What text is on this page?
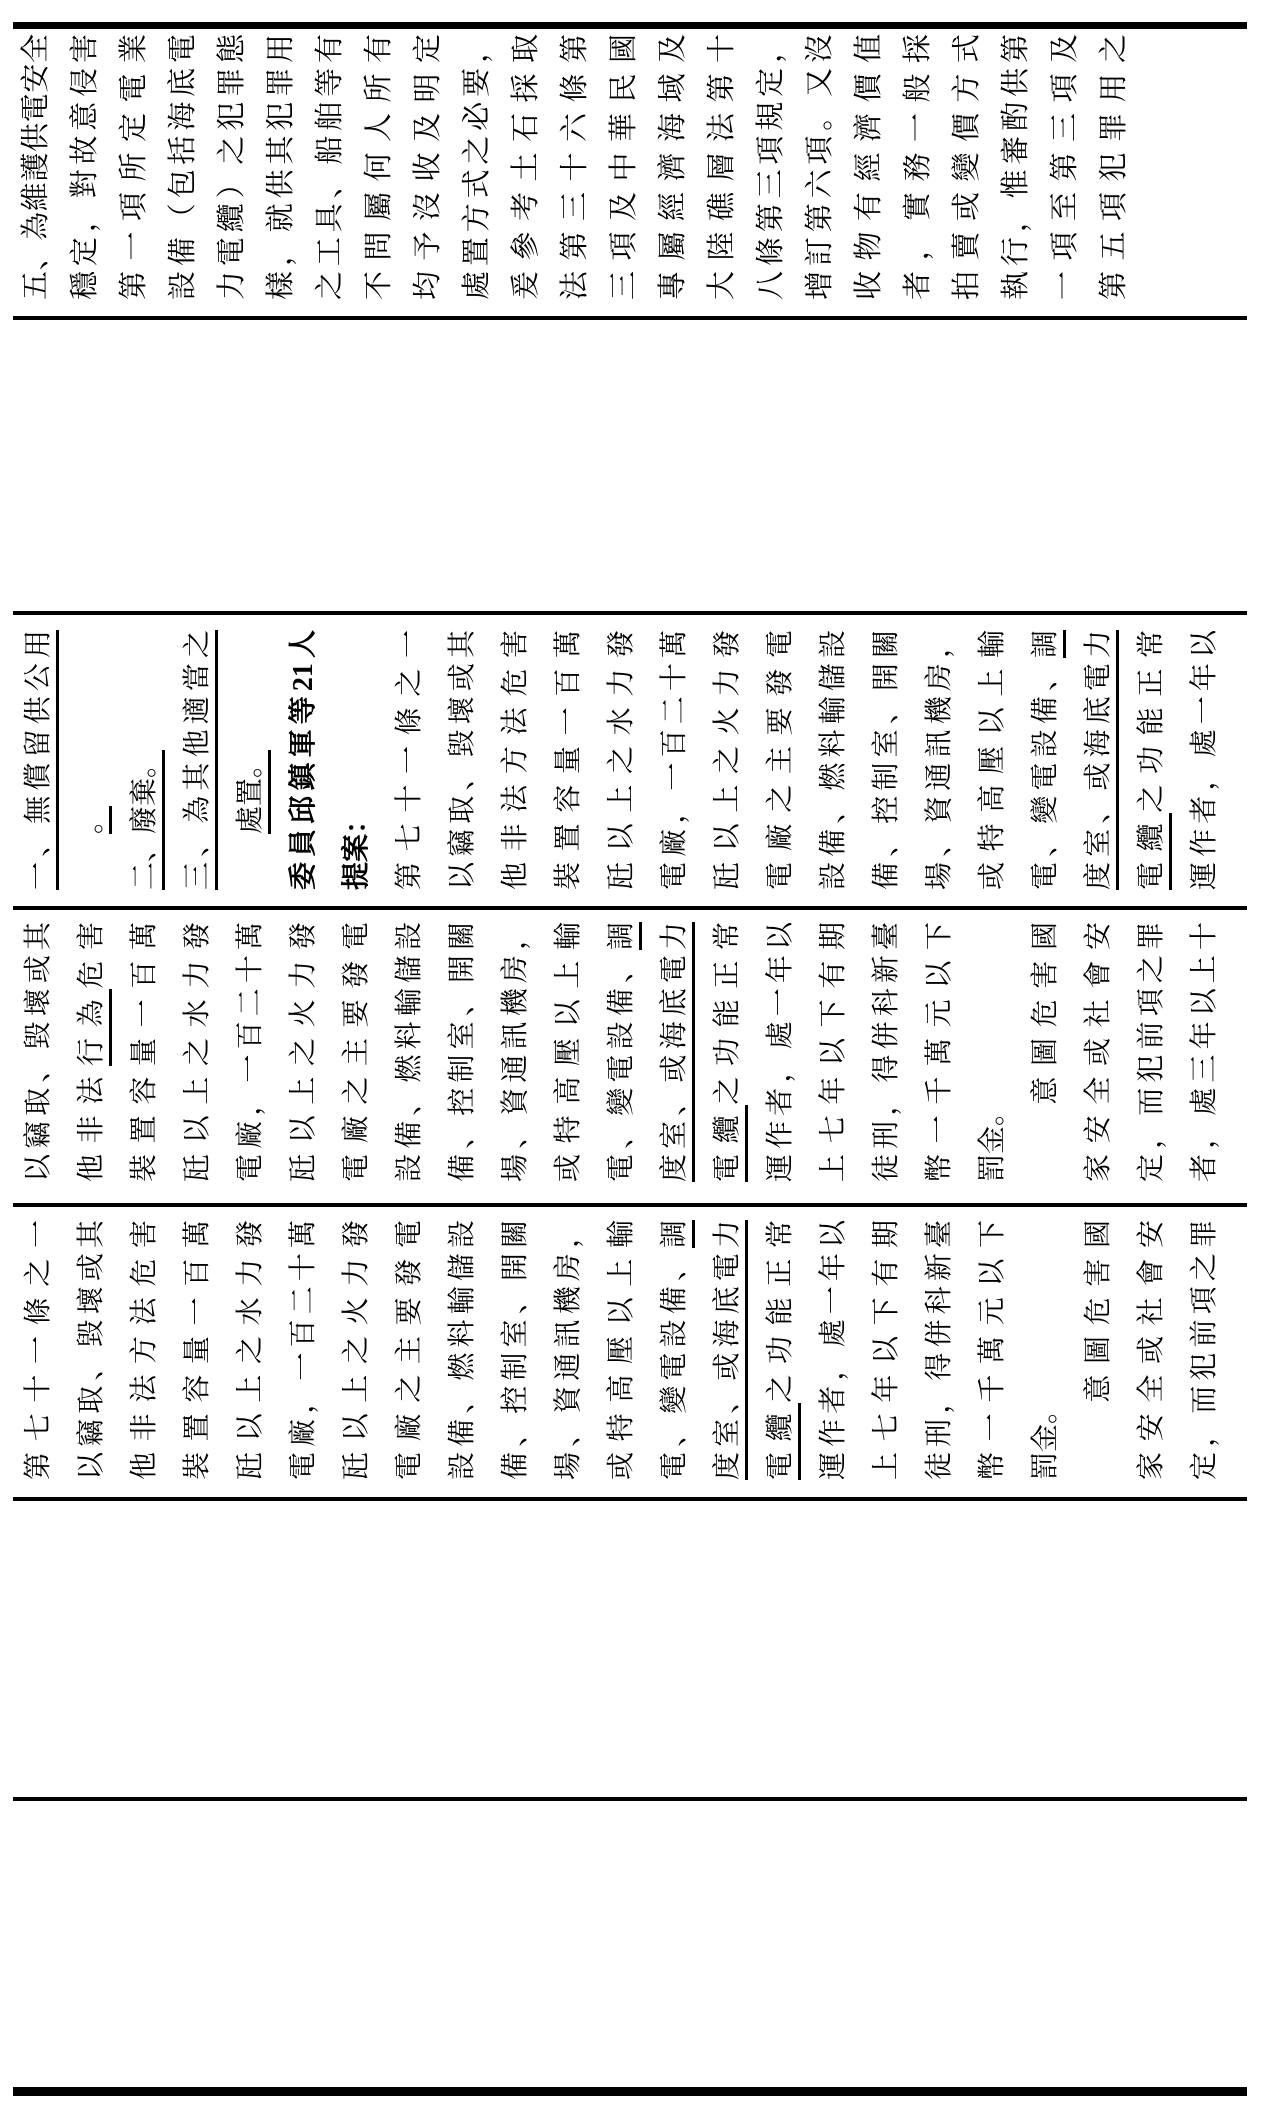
第七十一條之一 以竊取、毀壞或其 他非法方法危害 裝置容量一百萬 瓩以上之水力發 電廠，一百二十萬 瓩以上之火力發 電廠之主要發電 設備、燃料輸儲設 備、控制室、開關 場、資通訊機房， 或特高壓以上輸 電、變電設備、調 度室、或海底電力 電纜之功能正常 運作者，處一年以 上七年以下有期 徒刑，得併科新臺 幣一千萬元以下 罰金。 　　意圖危害國 家安全或社會安 定，而犯前項之罪
以竊取、毀壞或其 他非法行為危害 裝置容量一百萬 瓩以上之水力發 電廠，一百二十萬 瓩以上之火力發 電廠之主要發電 設備、燃料輸儲設 備、控制室、開關 場、資通訊機房， 或特高壓以上輸 電、變電設備、調 度室、或海底電力 電纜之功能正常 運作者，處一年以 上七年以下有期 徒刑，得併科新臺 幣一千萬元以下 罰金。 　　意圖危害國 家安全或社會安 定，而犯前項之罪 者，處三年以上十
一、無償留供公用
　　 。 二、廢棄。 三、為其他適當之
　　 處置。 委員邱鎮軍等21人 提案： 第七十一條之一 以竊取、毀壞或其 他非法方法危害 裝置容量一百萬 瓩以上之水力發 電廠，一百二十萬 瓩以上之火力發 電廠之主要發電 設備、燃料輸儲設 備、控制室、開關 場、資通訊機房， 或特高壓以上輸 電、變電設備、調 度室、或海底電力 電纜之功能正常 運作者，處一年以
五、為維護供電安全 穩定，對故意侵害 第一項所定電業 設備（包括海底電 力電纜）之犯罪態 樣，就供其犯罪用 之工具、船舶等有 不問屬何人所有 均予沒收及明定 處置方式之必要， 爰參考土石採取 法第三十六條第 三項及中華民國 專屬經濟海域及 大陸礁層法第十 八條第三項規定， 增訂第六項。又沒 收物有經濟價值 者，實務一般採 拍賣或變價方式 執行，惟審酌供第 一項至第三項及 第五項犯罪用之
